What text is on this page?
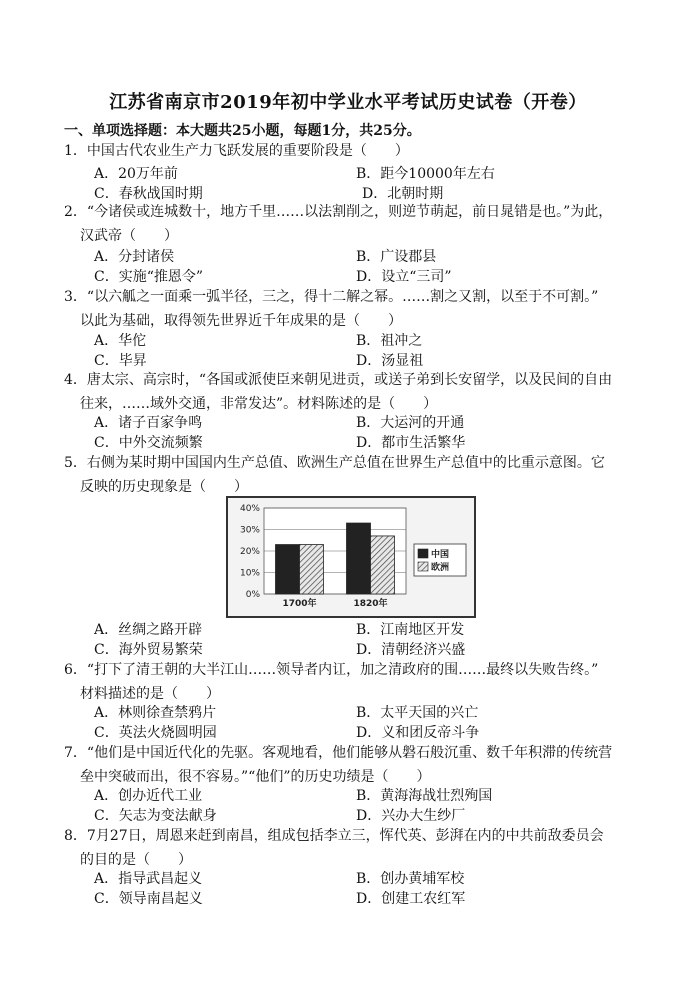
江苏省南京市2019年初中学业水平考试历史试卷（开卷）
一、单项选择题：本大题共25小题，每题1分，共25分。
1．中国古代农业生产力飞跃发展的重要阶段是（　　）
A．20万年前	B．距今10000年左右
C．春秋战国时期	D．北朝时期
2．“今诸侯或连城数十，地方千里……以法割削之，则逆节萌起，前日晁错是也。”为此，
汉武帝（　　）
A．分封诸侯	B．广设郡县
C．实施“推恩令”	D．设立“三司”
3．“以六觚之一面乘一弧半径，三之，得十二解之幂。……割之又割，以至于不可割。”
以此为基础，取得领先世界近千年成果的是（　　）
A．华佗	B．祖冲之
C．毕昇	D．汤显祖
4．唐太宗、高宗时，“各国或派使臣来朝见进贡，或送子弟到长安留学，以及民间的自由
往来，……域外交通，非常发达”。材料陈述的是（　　）
A．诸子百家争鸣	B．大运河的开通
C．中外交流频繁	D．都市生活繁华
5．右侧为某时期中国国内生产总值、欧洲生产总值在世界生产总值中的比重示意图。它
反映的历史现象是（　　）
0%
10%
20%
30%
40%
1700年	1820年
中国
欧洲
A．丝绸之路开辟	B．江南地区开发
C．海外贸易繁荣	D．清朝经济兴盛
6．“打下了清王朝的大半江山……领导者内讧，加之清政府的围……最终以失败告终。”
材料描述的是（　　）
A．林则徐查禁鸦片	B．太平天国的兴亡
C．英法火烧圆明园	D．义和团反帝斗争
7．“他们是中国近代化的先驱。客观地看，他们能够从磐石般沉重、数千年积滞的传统营
垒中突破而出，很不容易。”“他们”的历史功绩是（　　）
A．创办近代工业	B．黄海海战壮烈殉国
C．矢志为变法献身	D．兴办大生纱厂
8．7月27日，周恩来赶到南昌，组成包括李立三，恽代英、彭湃在内的中共前敌委员会
的目的是（　　）
A．指导武昌起义	B．创办黄埔军校
C．领导南昌起义	D．创建工农红军
